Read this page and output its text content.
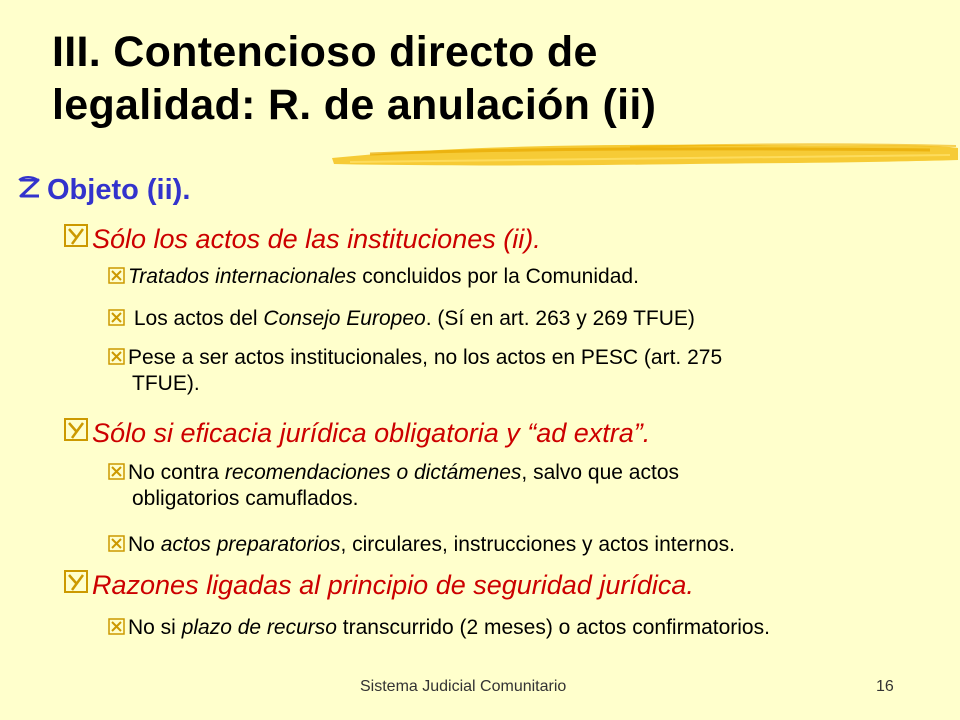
III. Contencioso directo de
legalidad: R. de anulación (ii)
Objeto (ii).
Sólo los actos de las instituciones (ii).
Tratados internacionales concluidos por la Comunidad.
Los actos del Consejo Europeo. (Sí en art. 263 y 269 TFUE)
Pese a ser actos institucionales, no los actos en PESC (art. 275
TFUE).
Sólo si eficacia jurídica obligatoria y “ad extra”.
No contra recomendaciones o dictámenes, salvo que actos
obligatorios camuflados.
No actos preparatorios, circulares, instrucciones y actos internos.
Razones ligadas al principio de seguridad jurídica.
No si plazo de recurso transcurrido (2 meses) o actos confirmatorios.
Sistema Judicial Comunitario	16
